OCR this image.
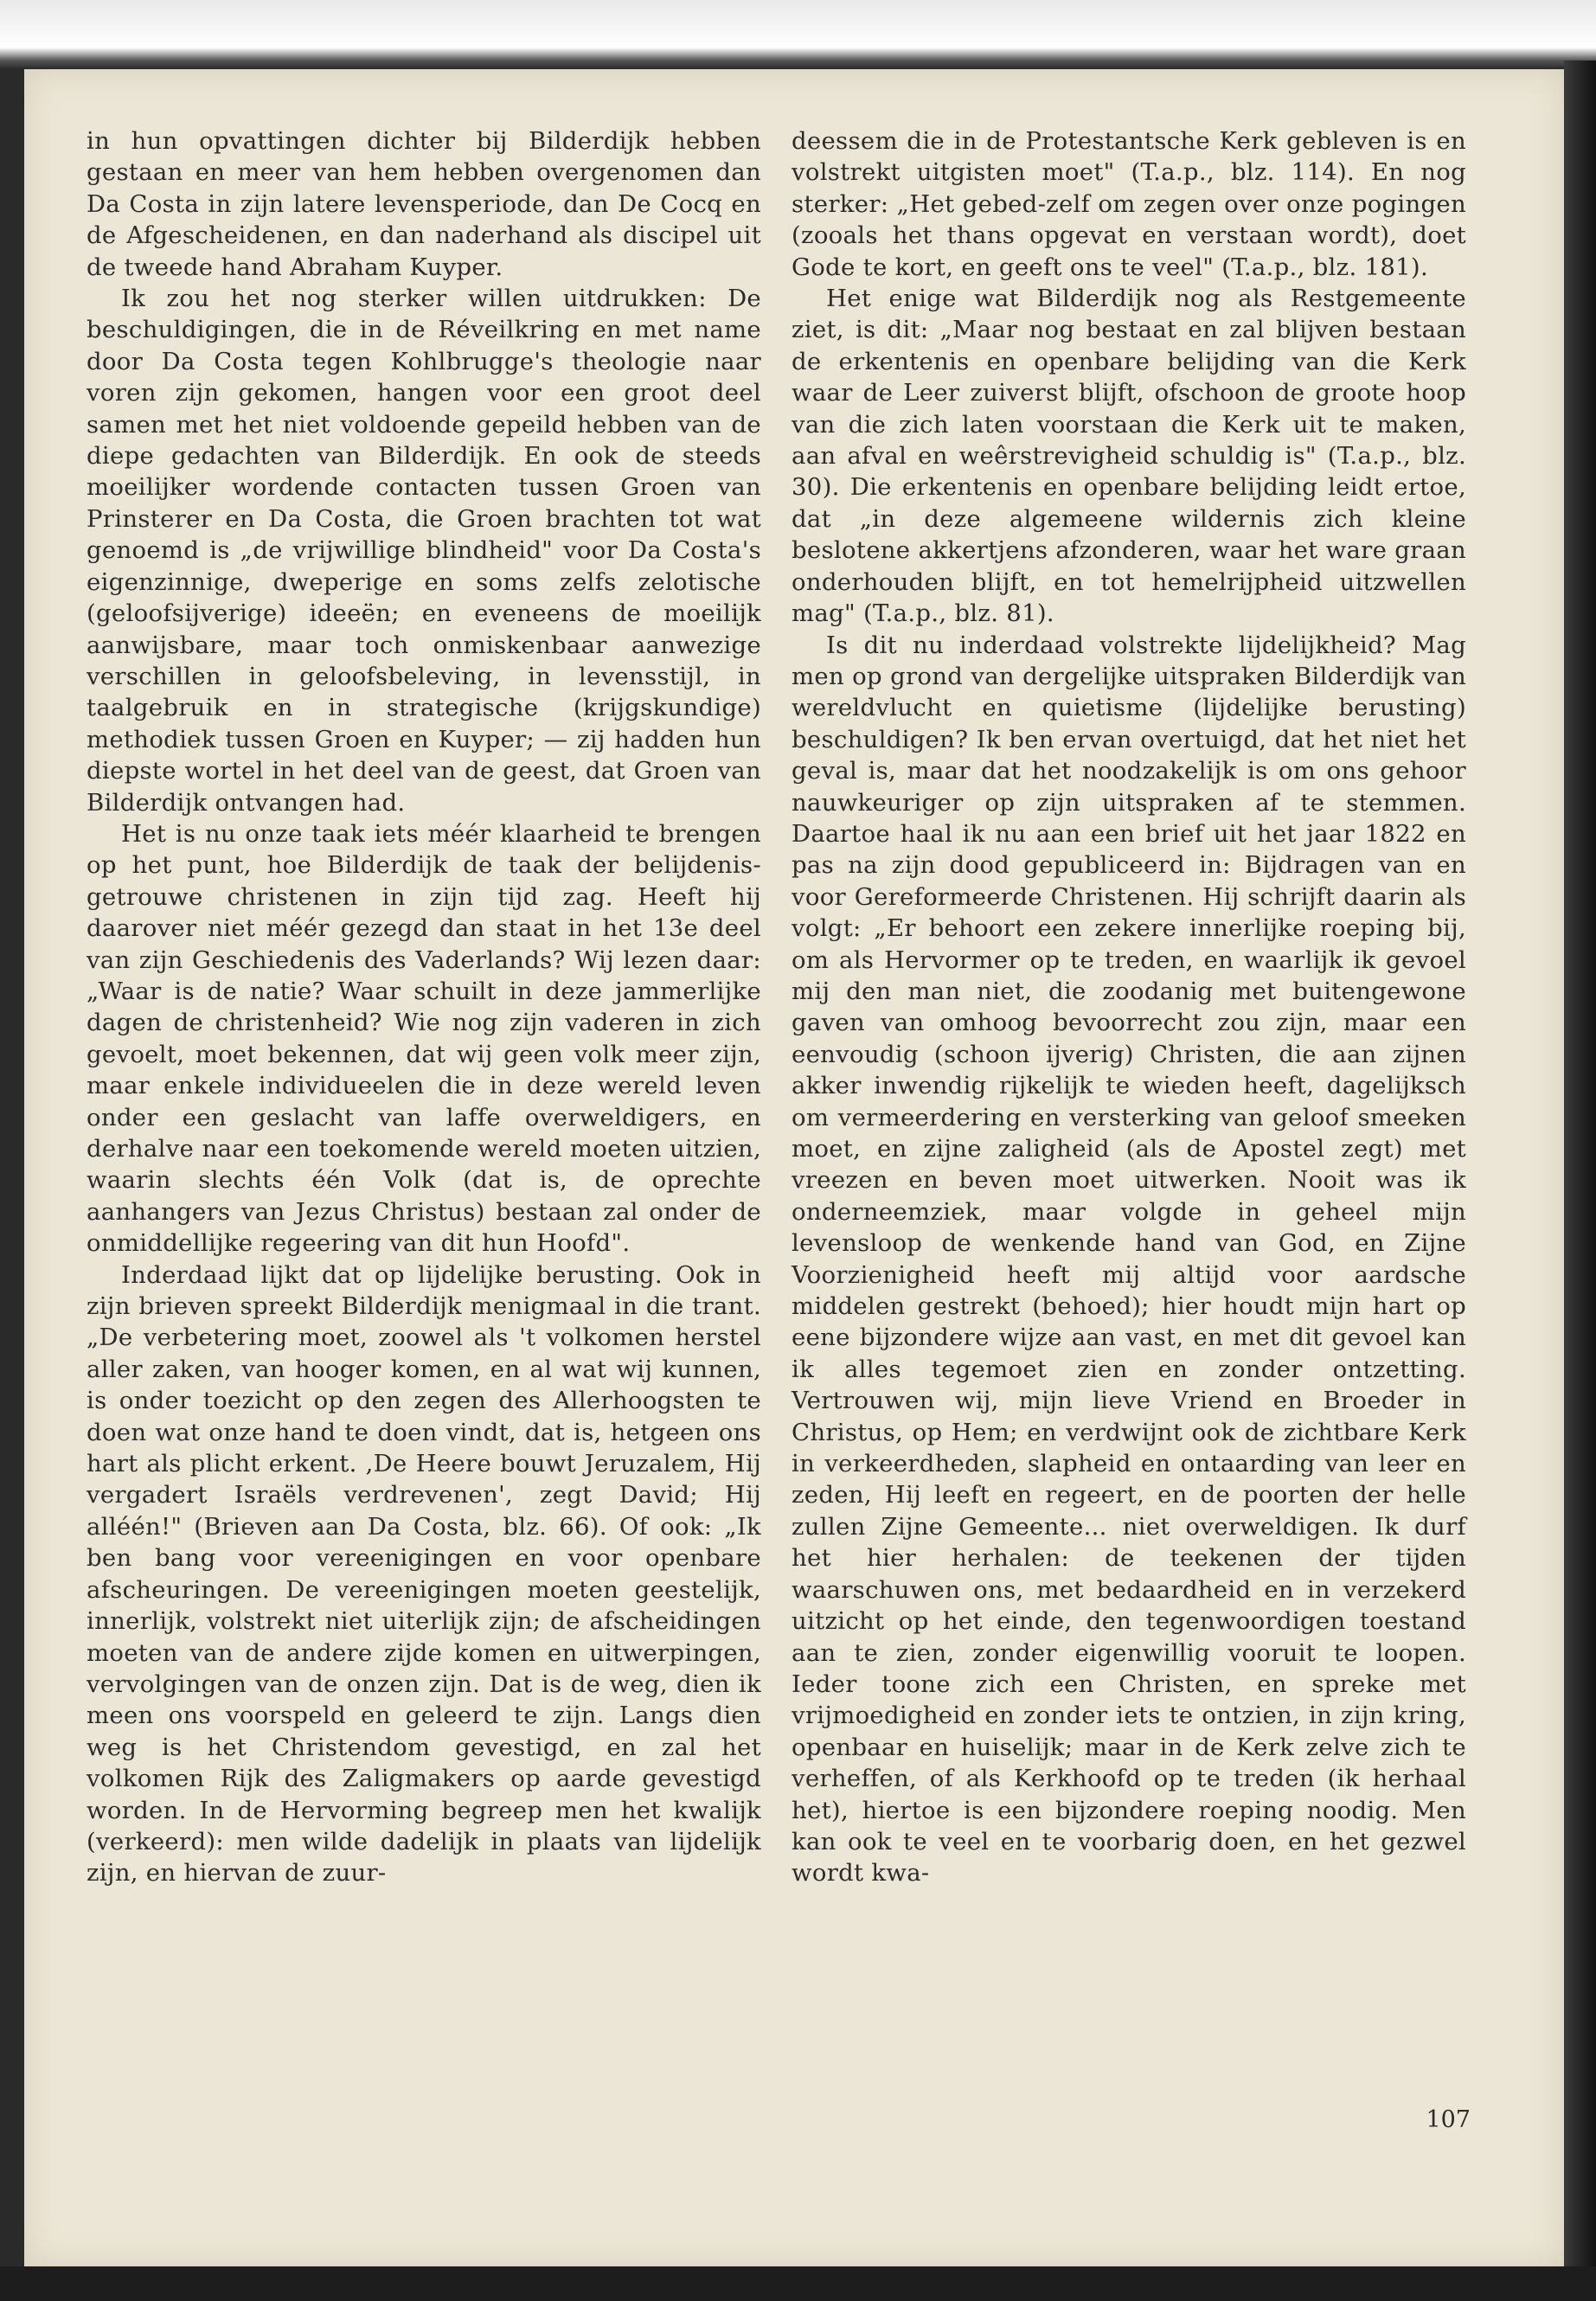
in hun opvattingen dichter bij Bilderdijk hebben gestaan en meer van hem hebben overgenomen dan Da Costa in zijn latere levensperiode, dan De Cocq en de Afgescheidenen, en dan naderhand als discipel uit de tweede hand Abraham Kuyper.

Ik zou het nog sterker willen uitdrukken: De beschuldigingen, die in de Réveilkring en met name door Da Costa tegen Kohlbrugge's theologie naar voren zijn gekomen, hangen voor een groot deel samen met het niet voldoende gepeild hebben van de diepe gedachten van Bilderdijk. En ook de steeds moeilijker wordende contacten tussen Groen van Prinsterer en Da Costa, die Groen brachten tot wat genoemd is „de vrijwillige blindheid" voor Da Costa's eigenzinnige, dweperige en soms zelfs zelotische (geloofsijverige) ideeën; en eveneens de moeilijk aanwijsbare, maar toch onmiskenbaar aanwezige verschillen in geloofsbeleving, in levensstijl, in taalgebruik en in strategische (krijgskundige) methodiek tussen Groen en Kuyper; — zij hadden hun diepste wortel in het deel van de geest, dat Groen van Bilderdijk ontvangen had.

Het is nu onze taak iets méér klaarheid te brengen op het punt, hoe Bilderdijk de taak der belijdenis-getrouwe christenen in zijn tijd zag. Heeft hij daarover niet méér gezegd dan staat in het 13e deel van zijn Geschiedenis des Vaderlands? Wij lezen daar: „Waar is de natie? Waar schuilt in deze jammerlijke dagen de christenheid? Wie nog zijn vaderen in zich gevoelt, moet bekennen, dat wij geen volk meer zijn, maar enkele individueelen die in deze wereld leven onder een geslacht van laffe overweldigers, en derhalve naar een toekomende wereld moeten uitzien, waarin slechts één Volk (dat is, de oprechte aanhangers van Jezus Christus) bestaan zal onder de onmiddellijke regeering van dit hun Hoofd".

Inderdaad lijkt dat op lijdelijke berusting. Ook in zijn brieven spreekt Bilderdijk menigmaal in die trant. „De verbetering moet, zoowel als 't volkomen herstel aller zaken, van hooger komen, en al wat wij kunnen, is onder toezicht op den zegen des Allerhoogsten te doen wat onze hand te doen vindt, dat is, hetgeen ons hart als plicht erkent. ,De Heere bouwt Jeruzalem, Hij vergadert Israëls verdrevenen', zegt David; Hij alléén!" (Brieven aan Da Costa, blz. 66). Of ook: „Ik ben bang voor vereenigingen en voor openbare afscheuringen. De vereenigingen moeten geestelijk, innerlijk, volstrekt niet uiterlijk zijn; de afscheidingen moeten van de andere zijde komen en uitwerpingen, vervolgingen van de onzen zijn. Dat is de weg, dien ik meen ons voorspeld en geleerd te zijn. Langs dien weg is het Christendom gevestigd, en zal het volkomen Rijk des Zaligmakers op aarde gevestigd worden. In de Hervorming begreep men het kwalijk (verkeerd): men wilde dadelijk in plaats van lijdelijk zijn, en hiervan de zuur-

deessem die in de Protestantsche Kerk gebleven is en volstrekt uitgisten moet" (T.a.p., blz. 114). En nog sterker: „Het gebed-zelf om zegen over onze pogingen (zooals het thans opgevat en verstaan wordt), doet Gode te kort, en geeft ons te veel" (T.a.p., blz. 181).

Het enige wat Bilderdijk nog als Restgemeente ziet, is dit: „Maar nog bestaat en zal blijven bestaan de erkentenis en openbare belijding van die Kerk waar de Leer zuiverst blijft, ofschoon de groote hoop van die zich laten voorstaan die Kerk uit te maken, aan afval en weêrstrevigheid schuldig is" (T.a.p., blz. 30). Die erkentenis en openbare belijding leidt ertoe, dat „in deze algemeene wildernis zich kleine beslotene akkertjens afzonderen, waar het ware graan onderhouden blijft, en tot hemelrijpheid uitzwellen mag" (T.a.p., blz. 81).

Is dit nu inderdaad volstrekte lijdelijkheid? Mag men op grond van dergelijke uitspraken Bilderdijk van wereldvlucht en quietisme (lijdelijke berusting) beschuldigen? Ik ben ervan overtuigd, dat het niet het geval is, maar dat het noodzakelijk is om ons gehoor nauwkeuriger op zijn uitspraken af te stemmen. Daartoe haal ik nu aan een brief uit het jaar 1822 en pas na zijn dood gepubliceerd in: Bijdragen van en voor Gereformeerde Christenen. Hij schrijft daarin als volgt: „Er behoort een zekere innerlijke roeping bij, om als Hervormer op te treden, en waarlijk ik gevoel mij den man niet, die zoodanig met buitengewone gaven van omhoog bevoorrecht zou zijn, maar een eenvoudig (schoon ijverig) Christen, die aan zijnen akker inwendig rijkelijk te wieden heeft, dagelijksch om vermeerdering en versterking van geloof smeeken moet, en zijne zaligheid (als de Apostel zegt) met vreezen en beven moet uitwerken. Nooit was ik onderneemziek, maar volgde in geheel mijn levensloop de wenkende hand van God, en Zijne Voorzienigheid heeft mij altijd voor aardsche middelen gestrekt (behoed); hier houdt mijn hart op eene bijzondere wijze aan vast, en met dit gevoel kan ik alles tegemoet zien en zonder ontzetting. Vertrouwen wij, mijn lieve Vriend en Broeder in Christus, op Hem; en verdwijnt ook de zichtbare Kerk in verkeerdheden, slapheid en ontaarding van leer en zeden, Hij leeft en regeert, en de poorten der helle zullen Zijne Gemeente... niet overweldigen. Ik durf het hier herhalen: de teekenen der tijden waarschuwen ons, met bedaardheid en in verzekerd uitzicht op het einde, den tegenwoordigen toestand aan te zien, zonder eigenwillig vooruit te loopen. Ieder toone zich een Christen, en spreke met vrijmoedigheid en zonder iets te ontzien, in zijn kring, openbaar en huiselijk; maar in de Kerk zelve zich te verheffen, of als Kerkhoofd op te treden (ik herhaal het), hiertoe is een bijzondere roeping noodig. Men kan ook te veel en te voorbarig doen, en het gezwel wordt kwa-

107
